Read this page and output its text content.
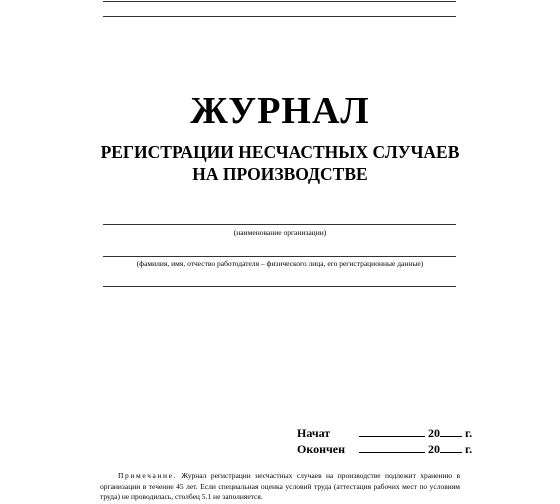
ЖУРНАЛ
РЕГИСТРАЦИИ НЕСЧАСТНЫХ СЛУЧАЕВ
НА ПРОИЗВОДСТВЕ
(наименование организации)
(фамилия, имя, отчество работодателя – физического лица, его регистрационные данные)
Начат	20 г.
Окончен	20 г.
Примечание. Журнал регистрации несчастных случаев на производстве подлежит хранению в организации в течение 45 лет. Если специальная оценка условий труда (аттестация рабочих мест по условиям труда) не проводилась, столбец 5.1 не заполняется.
